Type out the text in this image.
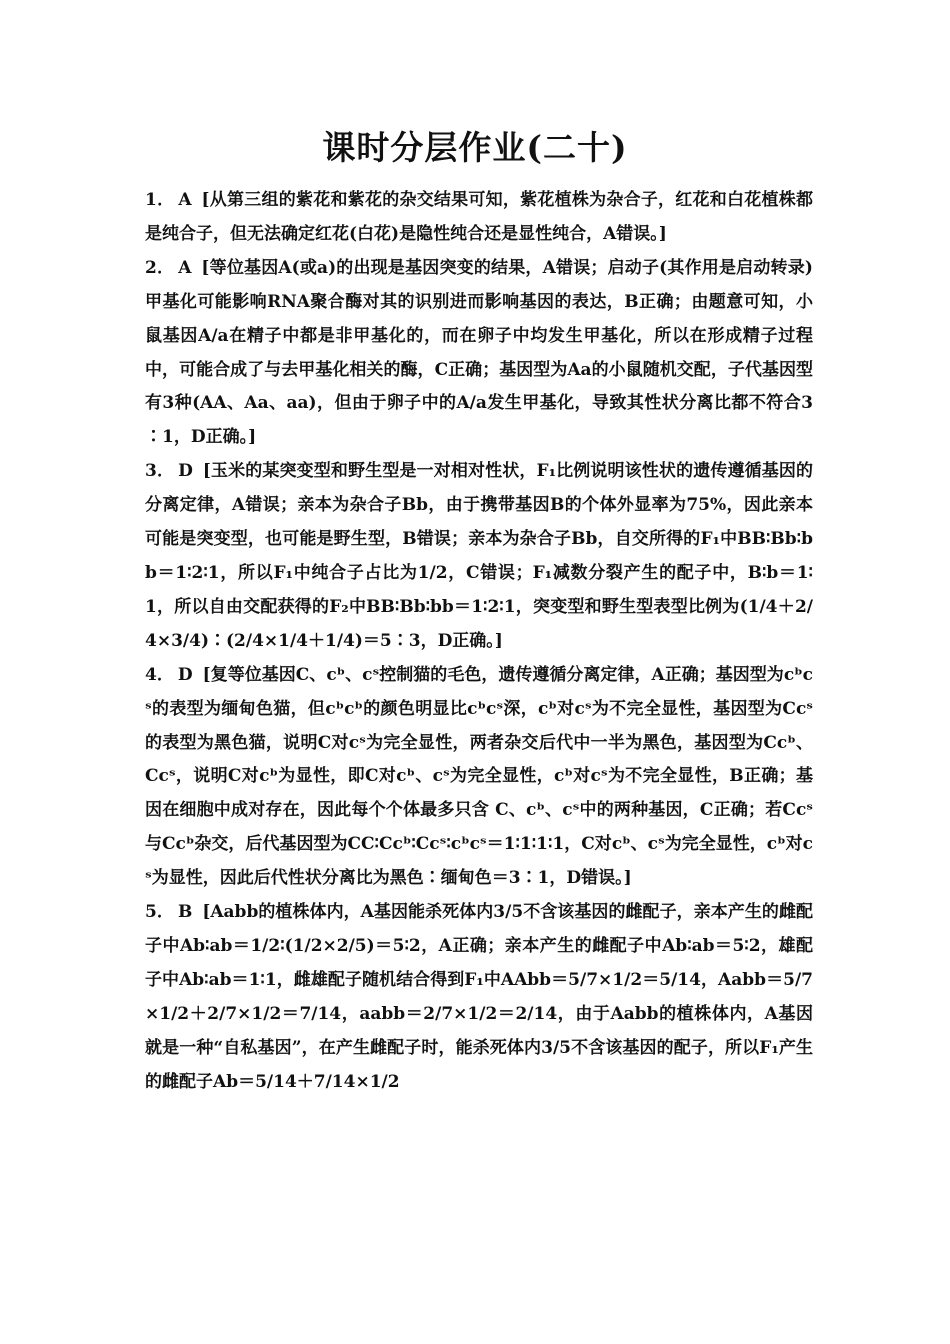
课时分层作业(二十)

1． A [从第三组的紫花和紫花的杂交结果可知，紫花植株为杂合子，红花和白花植株都是纯合子，但无法确定红花(白花)是隐性纯合还是显性纯合，A错误。]

2． A [等位基因A(或a)的出现是基因突变的结果，A错误；启动子(其作用是启动转录)甲基化可能影响RNA聚合酶对其的识别进而影响基因的表达，B正确；由题意可知，小鼠基因A/a在精子中都是非甲基化的，而在卵子中均发生甲基化，所以在形成精子过程中，可能合成了与去甲基化相关的酶，C正确；基因型为Aa的小鼠随机交配，子代基因型有3种(AA、Aa、aa)，但由于卵子中的A/a发生甲基化，导致其性状分离比都不符合3∶1，D正确。]

3． D [玉米的某突变型和野生型是一对相对性状，F₁比例说明该性状的遗传遵循基因的分离定律，A错误；亲本为杂合子Bb，由于携带基因B的个体外显率为75%，因此亲本可能是突变型，也可能是野生型，B错误；亲本为杂合子Bb，自交所得的F₁中BB∶Bb∶bb＝1∶2∶1，所以F₁中纯合子占比为1/2，C错误；F₁减数分裂产生的配子中，B∶b＝1∶1，所以自由交配获得的F₂中BB∶Bb∶bb＝1∶2∶1，突变型和野生型表型比例为(1/4＋2/4×3/4)∶(2/4×1/4＋1/4)＝5∶3，D正确。]

4． D [复等位基因C、cᵇ、cˢ控制猫的毛色，遗传遵循分离定律，A正确；基因型为cᵇcˢ的表型为缅甸色猫，但cᵇcᵇ的颜色明显比cᵇcˢ深，cᵇ对cˢ为不完全显性，基因型为Ccˢ的表型为黑色猫，说明C对cˢ为完全显性，两者杂交后代中一半为黑色，基因型为Ccᵇ、Ccˢ，说明C对cᵇ为显性，即C对cᵇ、cˢ为完全显性，cᵇ对cˢ为不完全显性，B正确；基因在细胞中成对存在，因此每个个体最多只含 C、cᵇ、cˢ中的两种基因，C正确；若Ccˢ与Ccᵇ杂交，后代基因型为CC∶Ccᵇ∶Ccˢ∶cᵇcˢ＝1∶1∶1∶1，C对cᵇ、cˢ为完全显性，cᵇ对cˢ为显性，因此后代性状分离比为黑色∶缅甸色＝3∶1，D错误。]

5． B [Aabb的植株体内，A基因能杀死体内3/5不含该基因的雌配子，亲本产生的雌配子中Ab∶ab＝1/2∶(1/2×2/5)＝5∶2，A正确；亲本产生的雌配子中Ab∶ab＝5∶2，雄配子中Ab∶ab＝1∶1，雌雄配子随机结合得到F₁中AAbb＝5/7×1/2＝5/14，Aabb＝5/7×1/2＋2/7×1/2＝7/14，aabb＝2/7×1/2＝2/14，由于Aabb的植株体内，A基因就是一种“自私基因”，在产生雌配子时，能杀死体内3/5不含该基因的配子，所以F₁产生的雌配子Ab＝5/14＋7/14×1/2
